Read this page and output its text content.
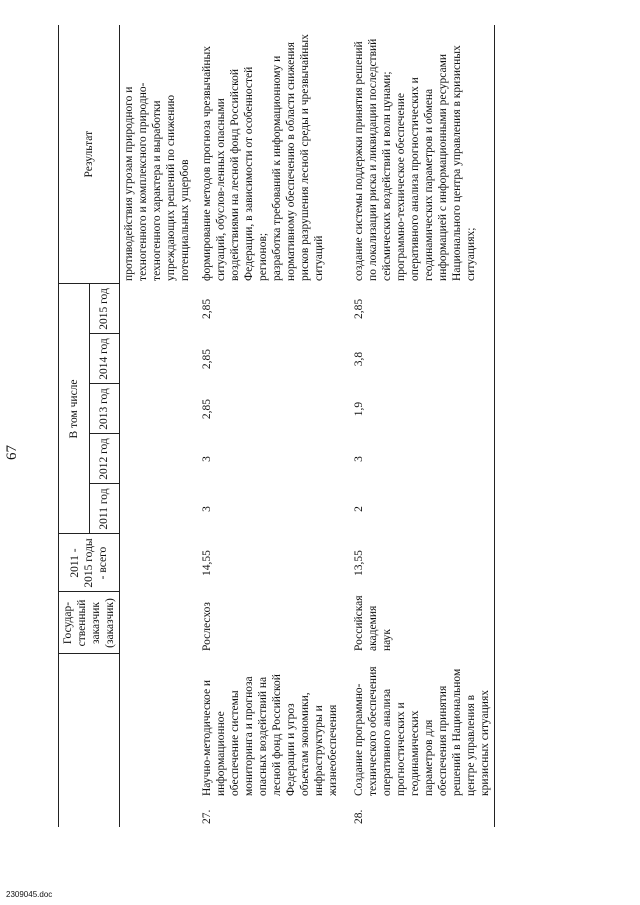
67
		Государ-ственный заказчик (заказчик)	2011 - 2015 годы - всего	В том числе					Результат
				2011 год	2012 год	2013 год	2014 год	2015 год	

									противодействия угрозам природного и техногенного и комплексного природно-техногенного характера и выработки упреждающих решений по снижению потенциальных ущербов

27.	Научно-методическое и информационное обеспечение системы мониторинга и прогноза опасных воздействий на лесной фонд Российской Федерации и угроз объектам экономики, инфраструктуры и жизнеобеспечения	Рослесхоз	14,55	3	3	2,85	2,85	2,85	формирование методов прогноза чрезвычайных ситуаций, обуслов-ленных опасными воздействиями на лесной фонд Российской Федерации, в зависимости от особенностей регионов; разработка требований к информационному и нормативному обеспечению в области снижения рисков разрушения лесной среды и чрезвычайных ситуаций

28.	Создание программно-технического обеспечения оперативного анализа прогностических и геодинамических параметров для обеспечения принятия решений в Национальном центре управления в кризисных ситуациях	Российская академия наук	13,55	2	3	1,9	3,8	2,85	создание системы поддержки принятия решений по локализации риска и ликвидации последствий сейсмических воздействий и волн цунами; программно-техническое обеспечение оперативного анализа прогностических и геодинамических параметров и обмена информацией с информационными ресурсами Национального центра управления в кризисных ситуациях;

2309045.doc
